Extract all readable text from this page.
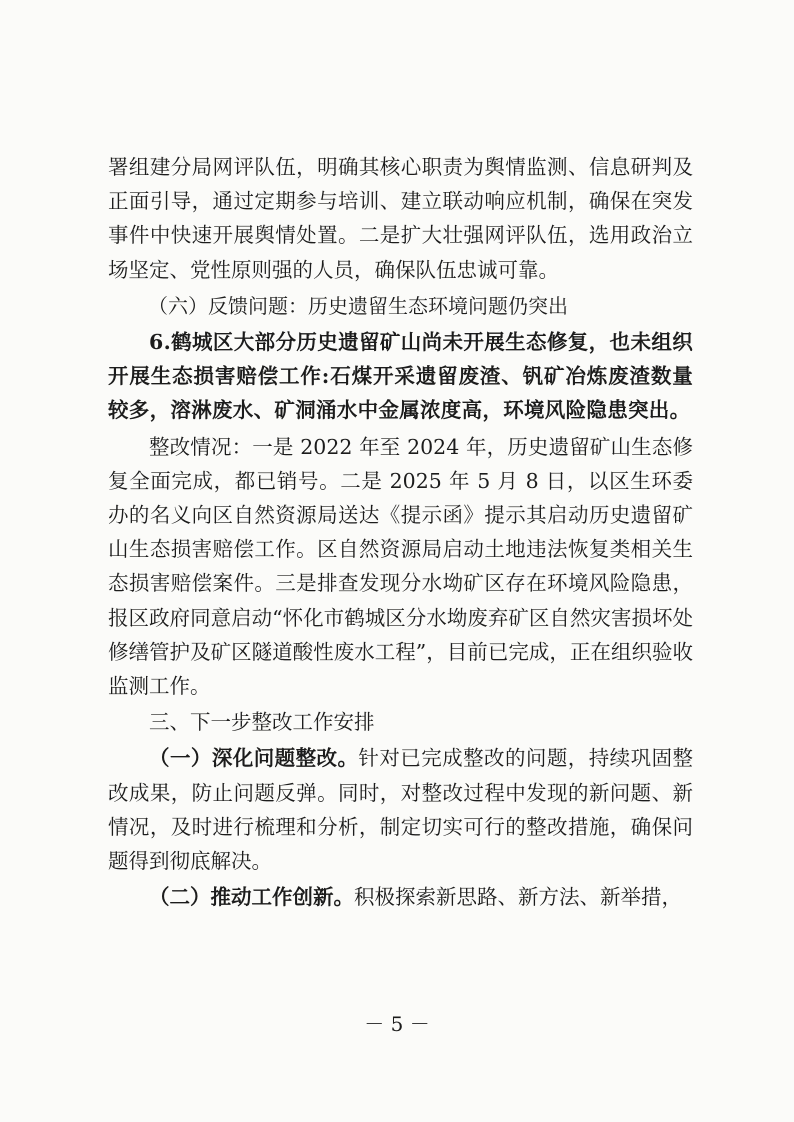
署组建分局网评队伍，明确其核心职责为舆情监测、信息研判及正面引导，通过定期参与培训、建立联动响应机制，确保在突发事件中快速开展舆情处置。二是扩大壮强网评队伍，选用政治立场坚定、党性原则强的人员，确保队伍忠诚可靠。

（六）反馈问题：历史遗留生态环境问题仍突出

6.鹤城区大部分历史遗留矿山尚未开展生态修复，也未组织开展生态损害赔偿工作:石煤开采遗留废渣、钒矿冶炼废渣数量较多，溶淋废水、矿洞涌水中金属浓度高，环境风险隐患突出。

整改情况：一是 2022 年至 2024 年，历史遗留矿山生态修复全面完成，都已销号。二是 2025 年 5 月 8 日，以区生环委办的名义向区自然资源局送达《提示函》提示其启动历史遗留矿山生态损害赔偿工作。区自然资源局启动土地违法恢复类相关生态损害赔偿案件。三是排查发现分水坳矿区存在环境风险隐患，报区政府同意启动“怀化市鹤城区分水坳废弃矿区自然灾害损坏处修缮管护及矿区隧道酸性废水工程”，目前已完成，正在组织验收监测工作。

三、下一步整改工作安排

（一）深化问题整改。针对已完成整改的问题，持续巩固整改成果，防止问题反弹。同时，对整改过程中发现的新问题、新情况，及时进行梳理和分析，制定切实可行的整改措施，确保问题得到彻底解决。

（二）推动工作创新。积极探索新思路、新方法、新举措，

－ 5 －
